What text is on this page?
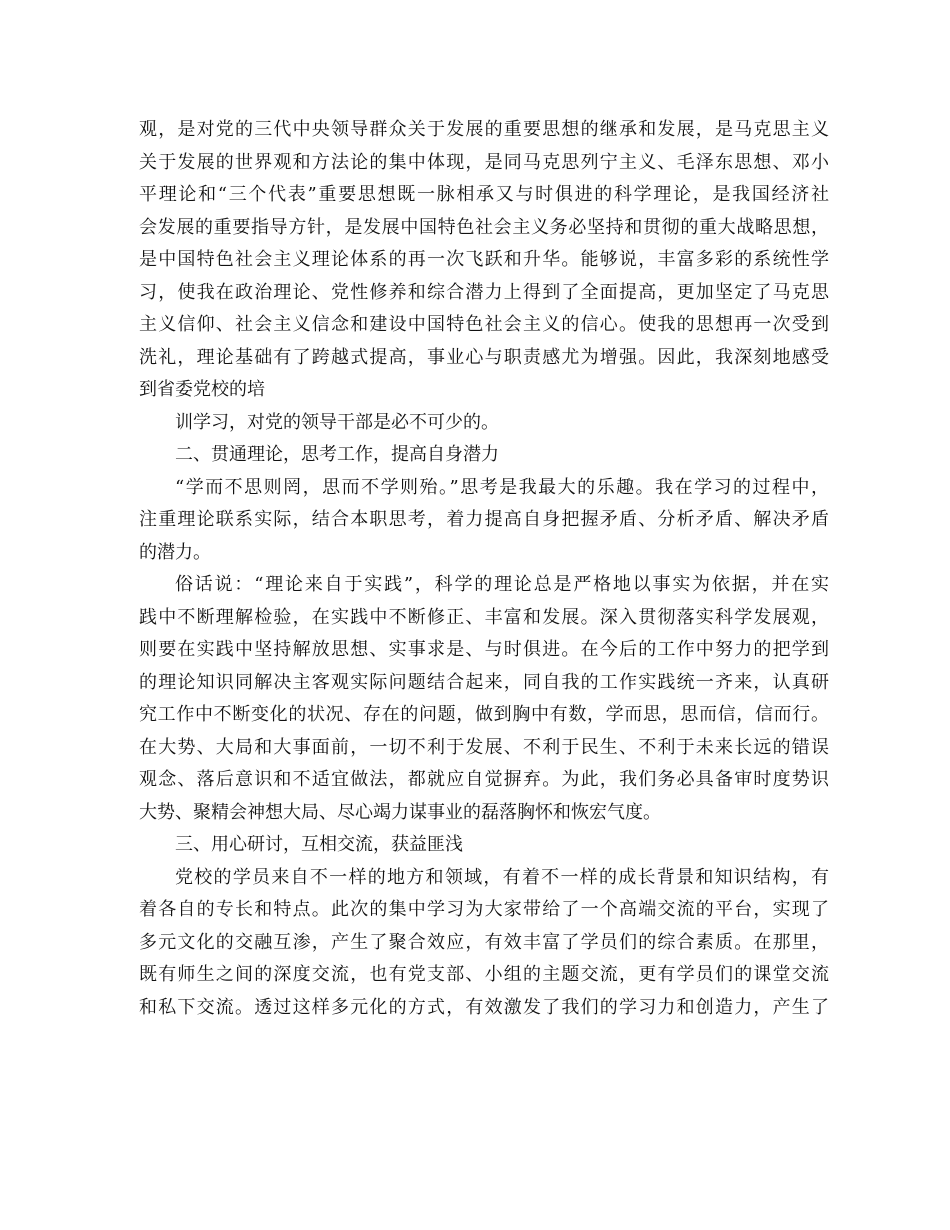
观，是对党的三代中央领导群众关于发展的重要思想的继承和发展，是马克思主义
关于发展的世界观和方法论的集中体现，是同马克思列宁主义、毛泽东思想、邓小
平理论和“三个代表”重要思想既一脉相承又与时俱进的科学理论，是我国经济社
会发展的重要指导方针，是发展中国特色社会主义务必坚持和贯彻的重大战略思想，
是中国特色社会主义理论体系的再一次飞跃和升华。能够说，丰富多彩的系统性学
习，使我在政治理论、党性修养和综合潜力上得到了全面提高，更加坚定了马克思
主义信仰、社会主义信念和建设中国特色社会主义的信心。使我的思想再一次受到
洗礼，理论基础有了跨越式提高，事业心与职责感尤为增强。因此，我深刻地感受
到省委党校的培
训学习，对党的领导干部是必不可少的。
二、贯通理论，思考工作，提高自身潜力
“学而不思则罔，思而不学则殆。”思考是我最大的乐趣。我在学习的过程中，
注重理论联系实际，结合本职思考，着力提高自身把握矛盾、分析矛盾、解决矛盾
的潜力。
俗话说：“理论来自于实践”，科学的理论总是严格地以事实为依据，并在实
践中不断理解检验，在实践中不断修正、丰富和发展。深入贯彻落实科学发展观，
则要在实践中坚持解放思想、实事求是、与时俱进。在今后的工作中努力的把学到
的理论知识同解决主客观实际问题结合起来，同自我的工作实践统一齐来，认真研
究工作中不断变化的状况、存在的问题，做到胸中有数，学而思，思而信，信而行。
在大势、大局和大事面前，一切不利于发展、不利于民生、不利于未来长远的错误
观念、落后意识和不适宜做法，都就应自觉摒弃。为此，我们务必具备审时度势识
大势、聚精会神想大局、尽心竭力谋事业的磊落胸怀和恢宏气度。
三、用心研讨，互相交流，获益匪浅
党校的学员来自不一样的地方和领域，有着不一样的成长背景和知识结构，有
着各自的专长和特点。此次的集中学习为大家带给了一个高端交流的平台，实现了
多元文化的交融互渗，产生了聚合效应，有效丰富了学员们的综合素质。在那里，
既有师生之间的深度交流，也有党支部、小组的主题交流，更有学员们的课堂交流
和私下交流。透过这样多元化的方式，有效激发了我们的学习力和创造力，产生了
